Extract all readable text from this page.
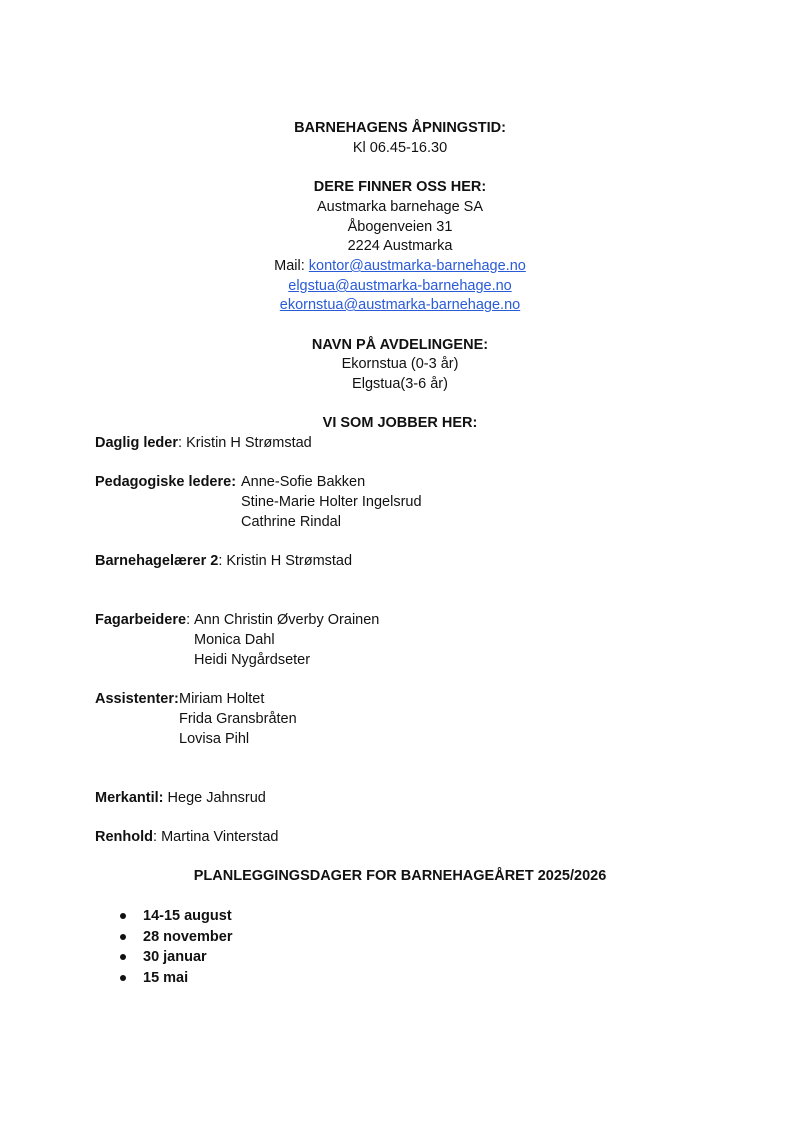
BARNEHAGENS ÅPNINGSTID:
Kl 06.45-16.30
DERE FINNER OSS HER:
Austmarka barnehage SA
Åbogenveien 31
2224 Austmarka
Mail: kontor@austmarka-barnehage.no
elgstua@austmarka-barnehage.no
ekornstua@austmarka-barnehage.no
NAVN PÅ AVDELINGENE:
Ekornstua (0-3 år)
Elgstua(3-6 år)
VI SOM JOBBER HER:
Daglig leder: Kristin H Strømstad
Pedagogiske ledere: Anne-Sofie Bakken
Stine-Marie Holter Ingelsrud
Cathrine Rindal
Barnehagelærer 2: Kristin H Strømstad
Fagarbeidere: Ann Christin Øverby Orainen
Monica Dahl
Heidi Nygårdseter
Assistenter: Miriam Holtet
Frida Gransbråten
Lovisa Pihl
Merkantil: Hege Jahnsrud
Renhold: Martina Vinterstad
PLANLEGGINGSDAGER FOR BARNEHAGEÅRET 2025/2026
14-15 august
28 november
30 januar
15 mai
